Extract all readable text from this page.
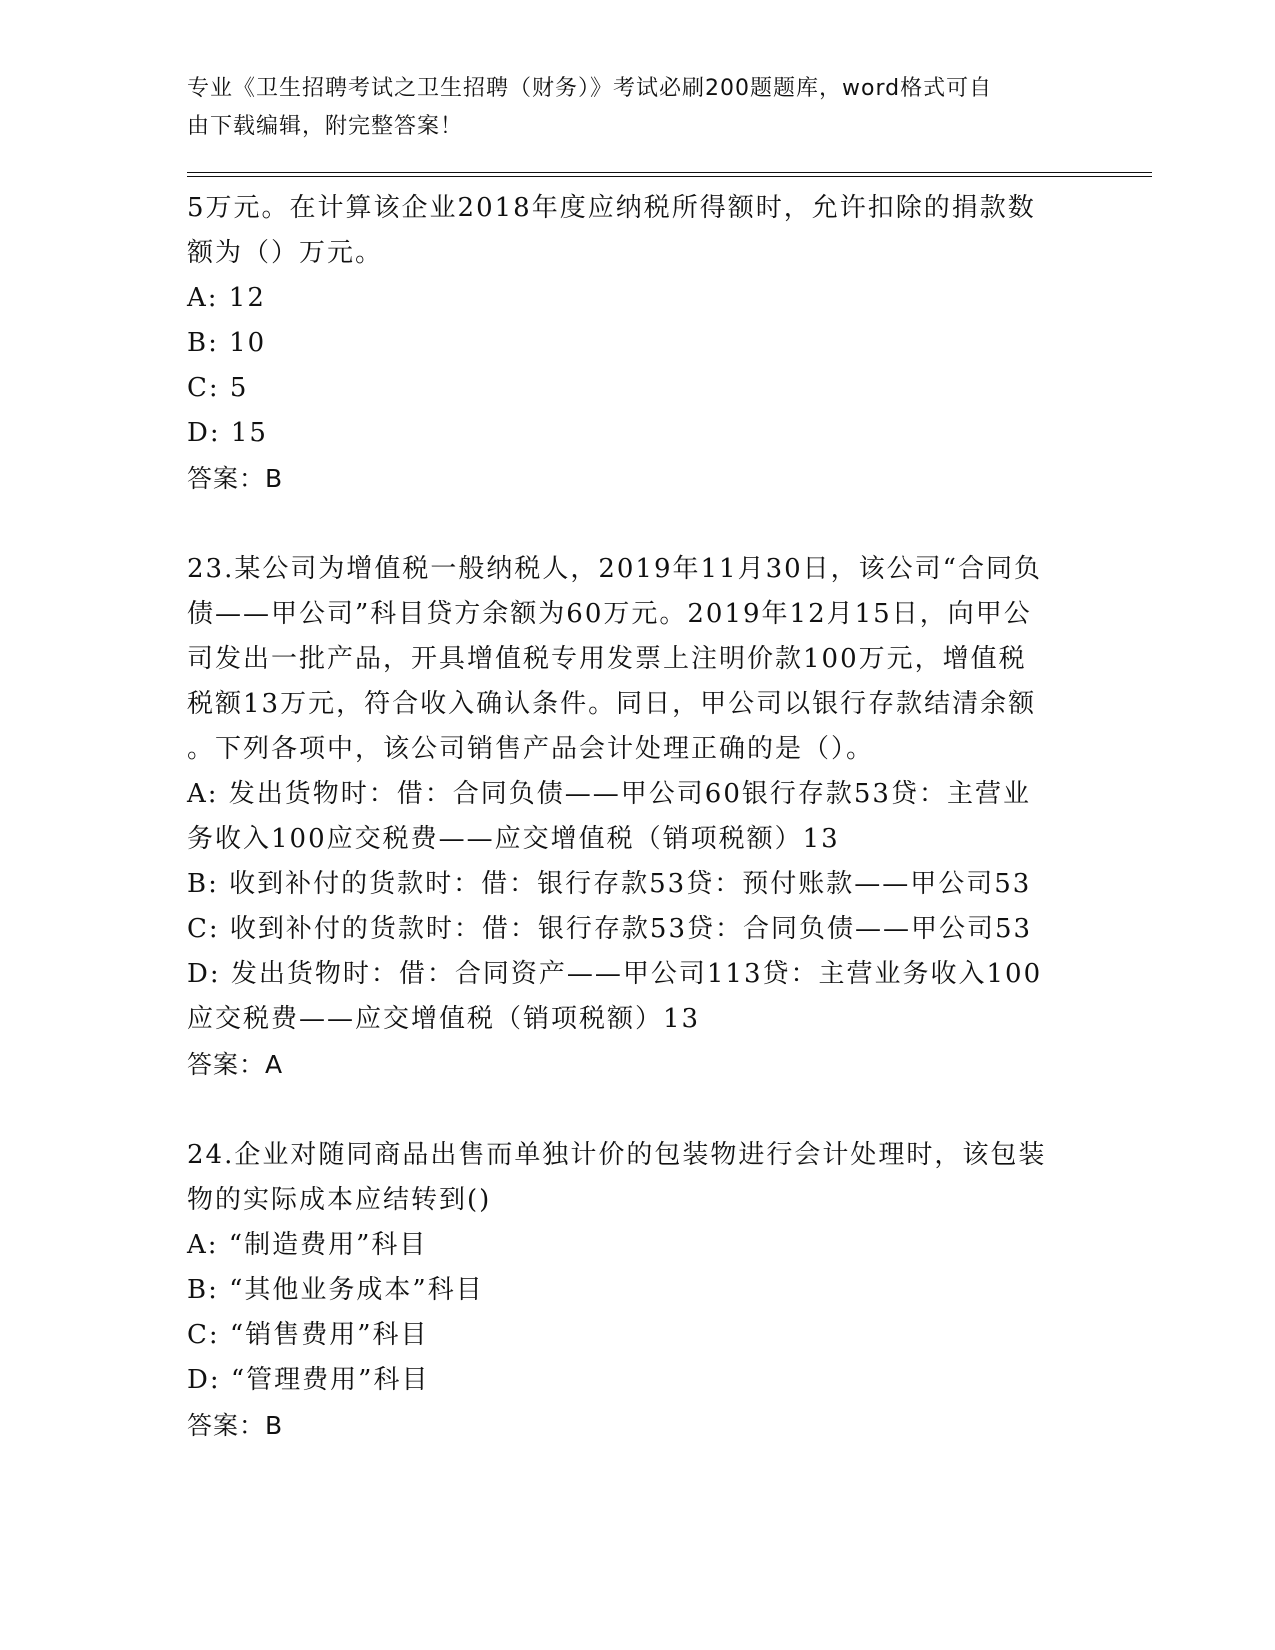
专业《卫生招聘考试之卫生招聘（财务）》考试必刷200题题库，word格式可自
由下载编辑，附完整答案！
5万元。在计算该企业2018年度应纳税所得额时，允许扣除的捐款数
额为（）万元。
A: 12
B: 10
C: 5
D: 15
答案：B
23.某公司为增值税一般纳税人，2019年11月30日，该公司“合同负
债——甲公司”科目贷方余额为60万元。2019年12月15日，向甲公
司发出一批产品，开具增值税专用发票上注明价款100万元，增值税
税额13万元，符合收入确认条件。同日，甲公司以银行存款结清余额
。下列各项中，该公司销售产品会计处理正确的是（）。
A: 发出货物时：借：合同负债——甲公司60银行存款53贷：主营业
务收入100应交税费——应交增值税（销项税额）13
B: 收到补付的货款时：借：银行存款53贷：预付账款——甲公司53
C: 收到补付的货款时：借：银行存款53贷：合同负债——甲公司53
D: 发出货物时：借：合同资产——甲公司113贷：主营业务收入100
应交税费——应交增值税（销项税额）13
答案：A
24.企业对随同商品出售而单独计价的包装物进行会计处理时，该包装
物的实际成本应结转到()
A: “制造费用”科目
B: “其他业务成本”科目
C: “销售费用”科目
D: “管理费用”科目
答案：B
